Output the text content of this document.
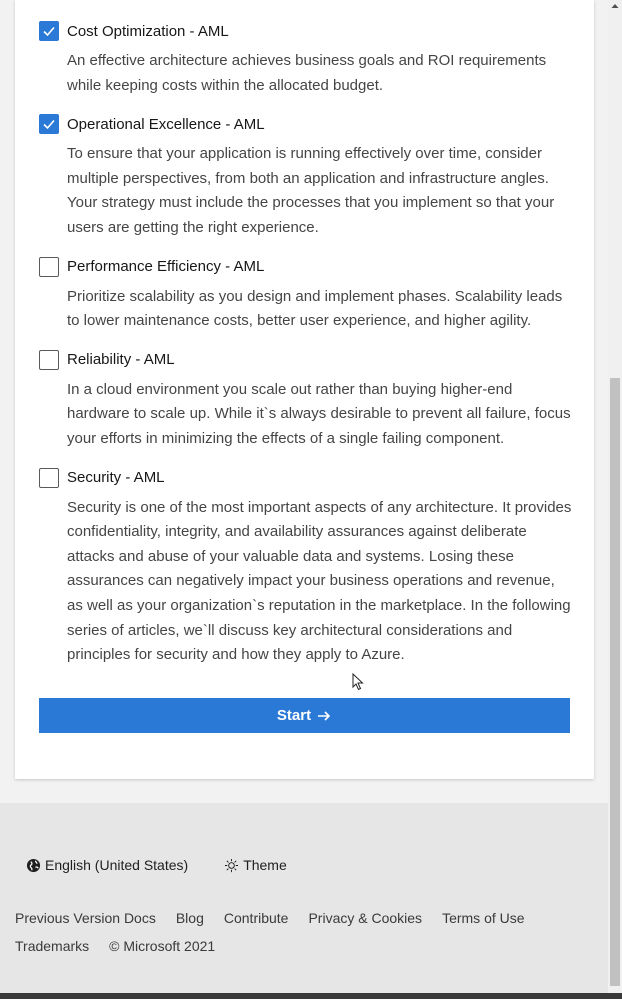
Cost Optimization - AML

An effective architecture achieves business goals and ROI requirements while keeping costs within the allocated budget.

Operational Excellence - AML

To ensure that your application is running effectively over time, consider multiple perspectives, from both an application and infrastructure angles. Your strategy must include the processes that you implement so that your users are getting the right experience.

Performance Efficiency - AML

Prioritize scalability as you design and implement phases. Scalability leads to lower maintenance costs, better user experience, and higher agility.

Reliability - AML

In a cloud environment you scale out rather than buying higher-end hardware to scale up. While it`s always desirable to prevent all failure, focus your efforts in minimizing the effects of a single failing component.

Security - AML

Security is one of the most important aspects of any architecture. It provides confidentiality, integrity, and availability assurances against deliberate attacks and abuse of your valuable data and systems. Losing these assurances can negatively impact your business operations and revenue, as well as your organization`s reputation in the marketplace. In the following series of articles, we`ll discuss key architectural considerations and principles for security and how they apply to Azure.

Start
English (United States)	Theme
Previous Version Docs Blog Contribute Privacy & Cookies Terms of Use
Trademarks © Microsoft 2021
